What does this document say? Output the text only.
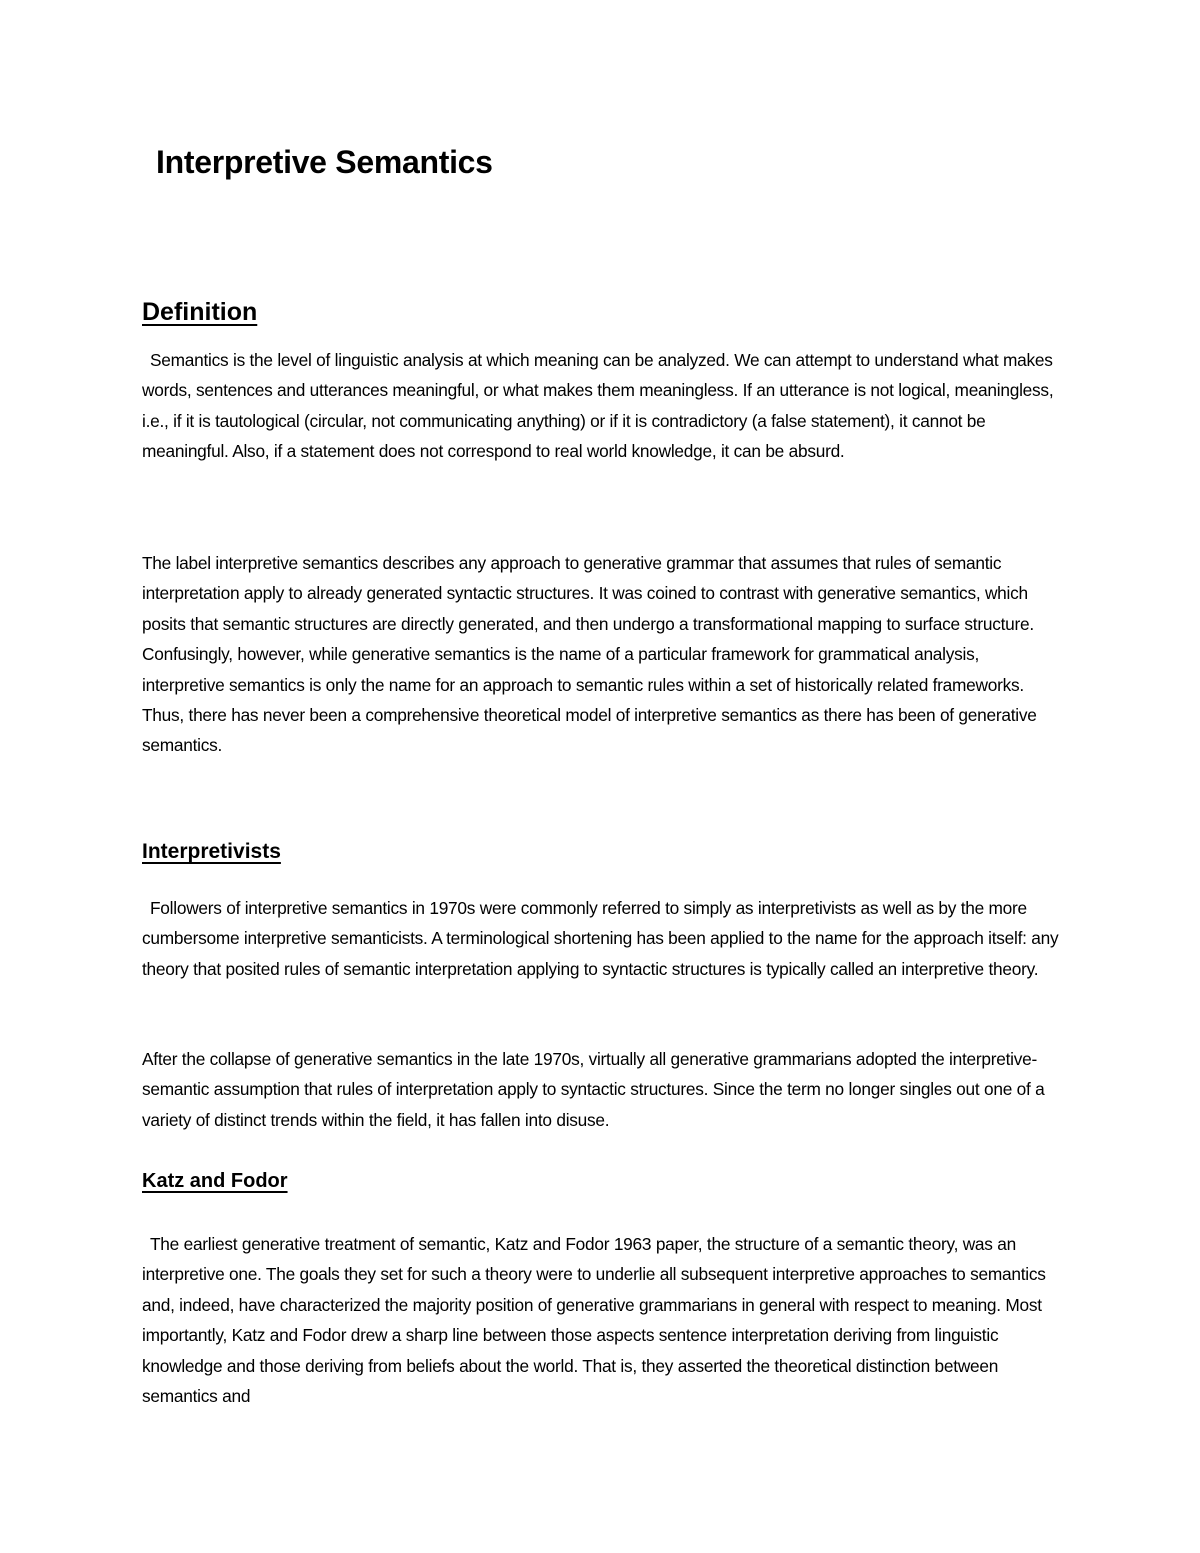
Interpretive Semantics
Definition

Semantics is the level of linguistic analysis at which meaning can be analyzed. We can attempt to understand what makes words, sentences and utterances meaningful, or what makes them meaningless. If an utterance is not logical, meaningless, i.e., if it is tautological (circular, not communicating anything) or if it is contradictory (a false statement), it cannot be meaningful. Also, if a statement does not correspond to real world knowledge, it can be absurd.

The label interpretive semantics describes any approach to generative grammar that assumes that rules of semantic interpretation apply to already generated syntactic structures. It was coined to contrast with generative semantics, which posits that semantic structures are directly generated, and then undergo a transformational mapping to surface structure. Confusingly, however, while generative semantics is the name of a particular framework for grammatical analysis, interpretive semantics is only the name for an approach to semantic rules within a set of historically related frameworks. Thus, there has never been a comprehensive theoretical model of interpretive semantics as there has been of generative semantics.

Interpretivists

Followers of interpretive semantics in 1970s were commonly referred to simply as interpretivists as well as by the more cumbersome interpretive semanticists. A terminological shortening has been applied to the name for the approach itself: any theory that posited rules of semantic interpretation applying to syntactic structures is typically called an interpretive theory.

After the collapse of generative semantics in the late 1970s, virtually all generative grammarians adopted the interpretive-semantic assumption that rules of interpretation apply to syntactic structures. Since the term no longer singles out one of a variety of distinct trends within the field, it has fallen into disuse.

Katz and Fodor

The earliest generative treatment of semantic, Katz and Fodor 1963 paper, the structure of a semantic theory, was an interpretive one. The goals they set for such a theory were to underlie all subsequent interpretive approaches to semantics and, indeed, have characterized the majority position of generative grammarians in general with respect to meaning. Most importantly, Katz and Fodor drew a sharp line between those aspects sentence interpretation deriving from linguistic knowledge and those deriving from beliefs about the world. That is, they asserted the theoretical distinction between semantics and
